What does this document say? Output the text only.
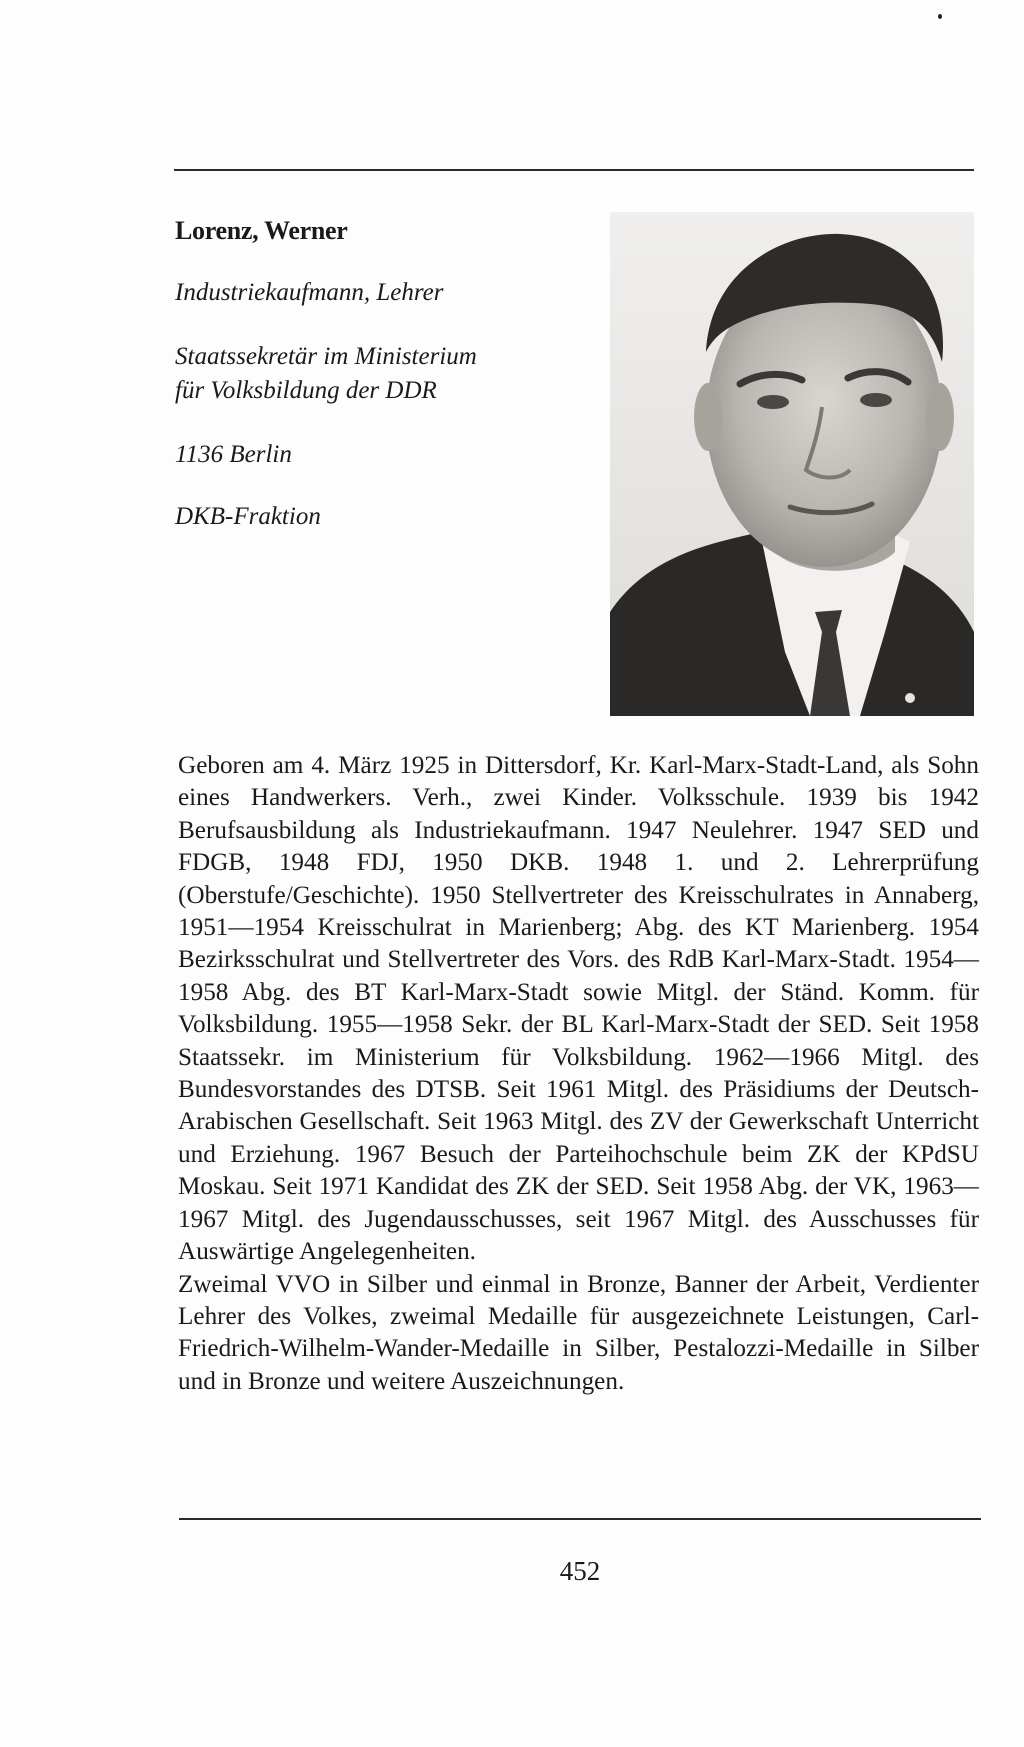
Lorenz, Werner
Industriekaufmann, Lehrer
Staatssekretär im Ministerium
für Volksbildung der DDR
1136 Berlin
DKB-Fraktion

Geboren am 4. März 1925 in Dittersdorf, Kr. Karl-Marx-Stadt-Land, als Sohn eines Handwerkers. Verh., zwei Kinder. Volksschule. 1939 bis 1942 Berufsausbildung als Industriekaufmann. 1947 Neulehrer. 1947 SED und FDGB, 1948 FDJ, 1950 DKB. 1948 1. und 2. Lehrerprüfung (Oberstufe/Geschichte). 1950 Stellvertreter des Kreisschulrates in Annaberg, 1951—1954 Kreisschulrat in Marienberg; Abg. des KT Marienberg. 1954 Bezirksschulrat und Stellvertreter des Vors. des RdB Karl-Marx-Stadt. 1954—1958 Abg. des BT Karl-Marx-Stadt sowie Mitgl. der Ständ. Komm. für Volksbildung. 1955—1958 Sekr. der BL Karl-Marx-Stadt der SED. Seit 1958 Staatssekr. im Ministerium für Volksbildung. 1962—1966 Mitgl. des Bundesvorstandes des DTSB. Seit 1961 Mitgl. des Präsidiums der Deutsch-Arabischen Gesellschaft. Seit 1963 Mitgl. des ZV der Gewerkschaft Unterricht und Erziehung. 1967 Besuch der Parteihochschule beim ZK der KPdSU Moskau. Seit 1971 Kandidat des ZK der SED. Seit 1958 Abg. der VK, 1963—1967 Mitgl. des Jugendausschusses, seit 1967 Mitgl. des Ausschusses für Auswärtige Angelegenheiten.

Zweimal VVO in Silber und einmal in Bronze, Banner der Arbeit, Verdienter Lehrer des Volkes, zweimal Medaille für ausgezeichnete Leistungen, Carl-Friedrich-Wilhelm-Wander-Medaille in Silber, Pestalozzi-Medaille in Silber und in Bronze und weitere Auszeichnungen.

452
